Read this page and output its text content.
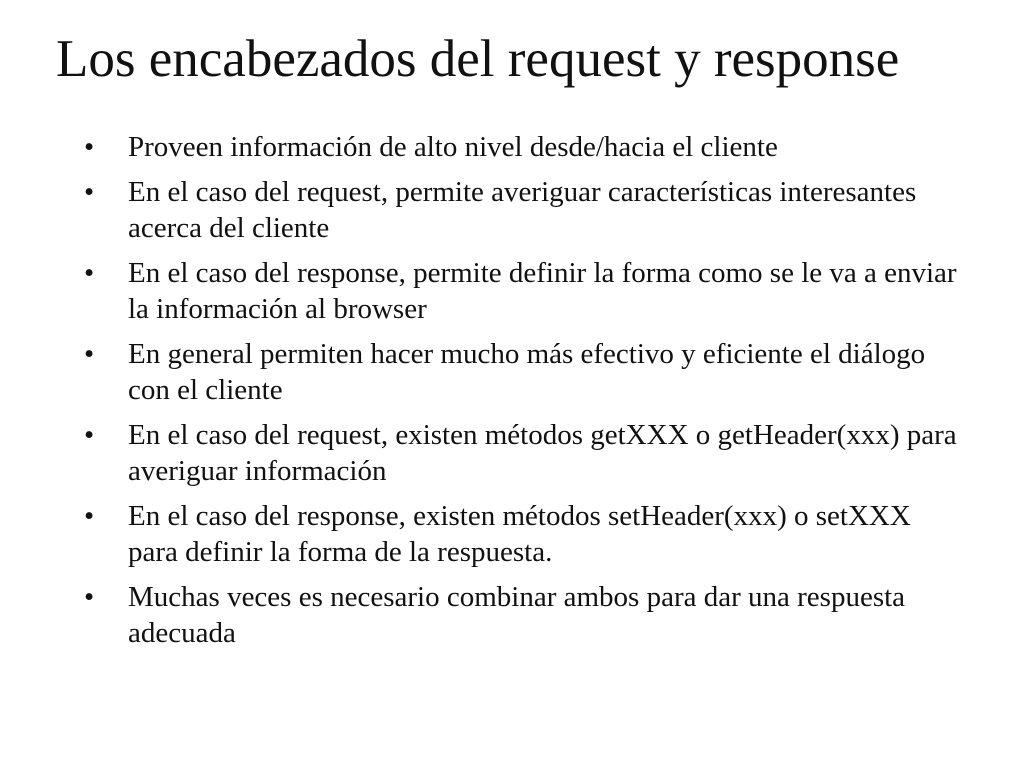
Los encabezados del request y response
• Proveen información de alto nivel desde/hacia el cliente
• En el caso del request, permite averiguar características interesantes acerca del cliente
• En el caso del response, permite definir la forma como se le va a enviar la información al browser
• En general permiten hacer mucho más efectivo y eficiente el diálogo con el cliente
• En el caso del request, existen métodos getXXX o getHeader(xxx) para averiguar información
• En el caso del response, existen métodos setHeader(xxx) o setXXX para definir la forma de la respuesta.
• Muchas veces es necesario combinar ambos para dar una respuesta adecuada
